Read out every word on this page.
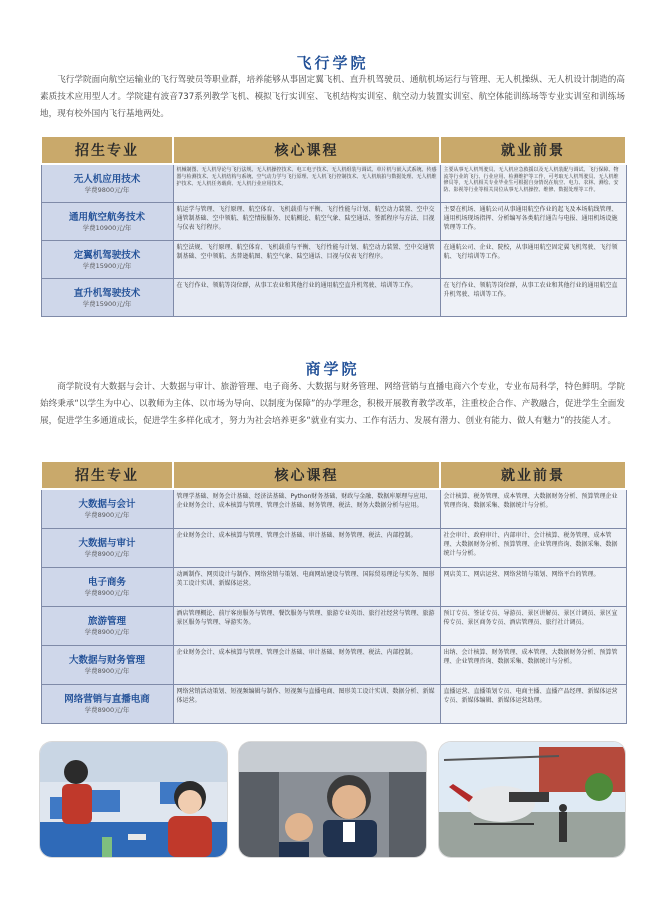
飞行学院
飞行学院面向航空运输业的飞行驾驶员等职业群，培养能够从事固定翼飞机、直升机驾驶员、通航机场运行与管理、无人机操纵、无人机设计制造的高素质技术应用型人才。学院建有波音737系列教学飞机、模拟飞行实训室、飞机结构实训室、航空动力装置实训室、航空体能训练场等专业实训室和训练场地，现有校外国内飞行基地两处。
招生专业	核心课程	就业前景

无人机应用技术
学费9800元/年	机械制图、无人机导论与飞行法规、无人机操控技术、电工电子技术、无人机组装与调试、单片机与嵌入式系统、传感器与检测技术、无人机结构与系统、空气动力学与飞行原理、无人机飞行控制技术、无人机航拍与数据处理、无人机维护技术、无人机任务载荷、无人机行业应用技术。	主要从事无人机驾驶员、无人机应急救援以及无人机装配与调试、飞行保障、物流等行业的飞行、行业应用、检测维护等工作，可考取无人机驾驶员、无人机维修员等，无人机相关专业毕业生可根据自身情况在航空、电力、农林、测绘、安防、影视等行业等相关岗位从事无人机操控、维修、数据处理等工作。

通用航空航务技术
学费10900元/年	航运学与管理、飞行原理、航空体育、飞机载重与平衡、飞行性能与计划、航空动力装置、空中交通管制基础、空中领航、航空情报服务、民航概论、航空气象、陆空通话、签派程序与方法、目视与仪表飞行程序。	主要在机场、通航公司从事通用航空作业的起飞及本场航线管理、通用机场现场指挥、分析编写各类航行通告与电报、通用机场设施管理等工作。

定翼机驾驶技术
学费15900元/年	航空法规、飞行原理、航空体育、飞机载重与平衡、飞行性能与计划、航空动力装置、空中交通管制基础、空中领航、杰普逊航图、航空气象、陆空通话、目视与仪表飞行程序。	在通航公司、企业、院校，从事通用航空固定翼飞机驾驶、飞行领航、飞行培训等工作。

直升机驾驶技术
学费15900元/年	在飞行作业、领航等岗位群，从事工农业和其他行业的通用航空直升机驾驶、培训等工作。	在飞行作业、领航等岗位群，从事工农业和其他行业的通用航空直升机驾驶、培训等工作。
商学院
商学院设有大数据与会计、大数据与审计、旅游管理、电子商务、大数据与财务管理、网络营销与直播电商六个专业，专业布局科学，特色鲜明。学院始终秉承“以学生为中心、以教师为主体、以市场为导向、以制度为保障”的办学理念，积极开展教育教学改革，注重校企合作、产教融合，促进学生全面发展，促进学生多通道成长，促进学生多样化成才，努力为社会培养更多“就业有实力、工作有活力、发展有潜力、创业有能力、做人有魅力”的技能人才。
招生专业	核心课程	就业前景

大数据与会计
学费8900元/年	管理学基础、财务会计基础、经济法基础、Python财务基础、财政与金融、数据库原理与应用、企业财务会计、成本核算与管理、管理会计基础、财务管理、税法、财务大数据分析与应用。	会计核算、税务管理、成本管理、大数据财务分析、预算管理企业管理咨询、数据采集、数据统计与分析。

大数据与审计
学费8900元/年	企业财务会计、成本核算与管理、管理会计基础、审计基础、财务管理、税法、内部控制。	社会审计、政府审计、内部审计、会计核算、税务管理、成本管理、大数据财务分析、预算管理、企业管理咨询、数据采集、数据统计与分析。

电子商务
学费8900元/年	动画制作、网页设计与制作、网络营销与策划、电商网站建设与管理、国际贸易理论与实务、图形美工设计实训、新媒体运营。	网店美工、网店运营、网络营销与策划、网络平台的管理。

旅游管理
学费8900元/年	酒店管理概论、前厅客房服务与管理、餐饮服务与管理、旅游专业英语、旅行社经营与管理、旅游景区服务与管理、导游实务。	预订专员、签证专员、导游员、景区讲解员、景区计调员、景区宣传专员、景区商务专员、酒店管理员、旅行社计调员。

大数据与财务管理
学费8900元/年	企业财务会计、成本核算与管理、管理会计基础、审计基础、财务管理、税法、内部控制。	出纳、会计核算、财务管理、成本管理、大数据财务分析、预算管理、企业管理咨询、数据采集、数据统计与分析。

网络营销与直播电商
学费8900元/年	网络营销活动策划、短视频编辑与制作、短视频与直播电商、图形美工设计实训、数据分析、新媒体运营。	直播运营、直播策划专员、电商主播、直播产品经理、新媒体运营专员、新媒体编辑、新媒体运营助理。
